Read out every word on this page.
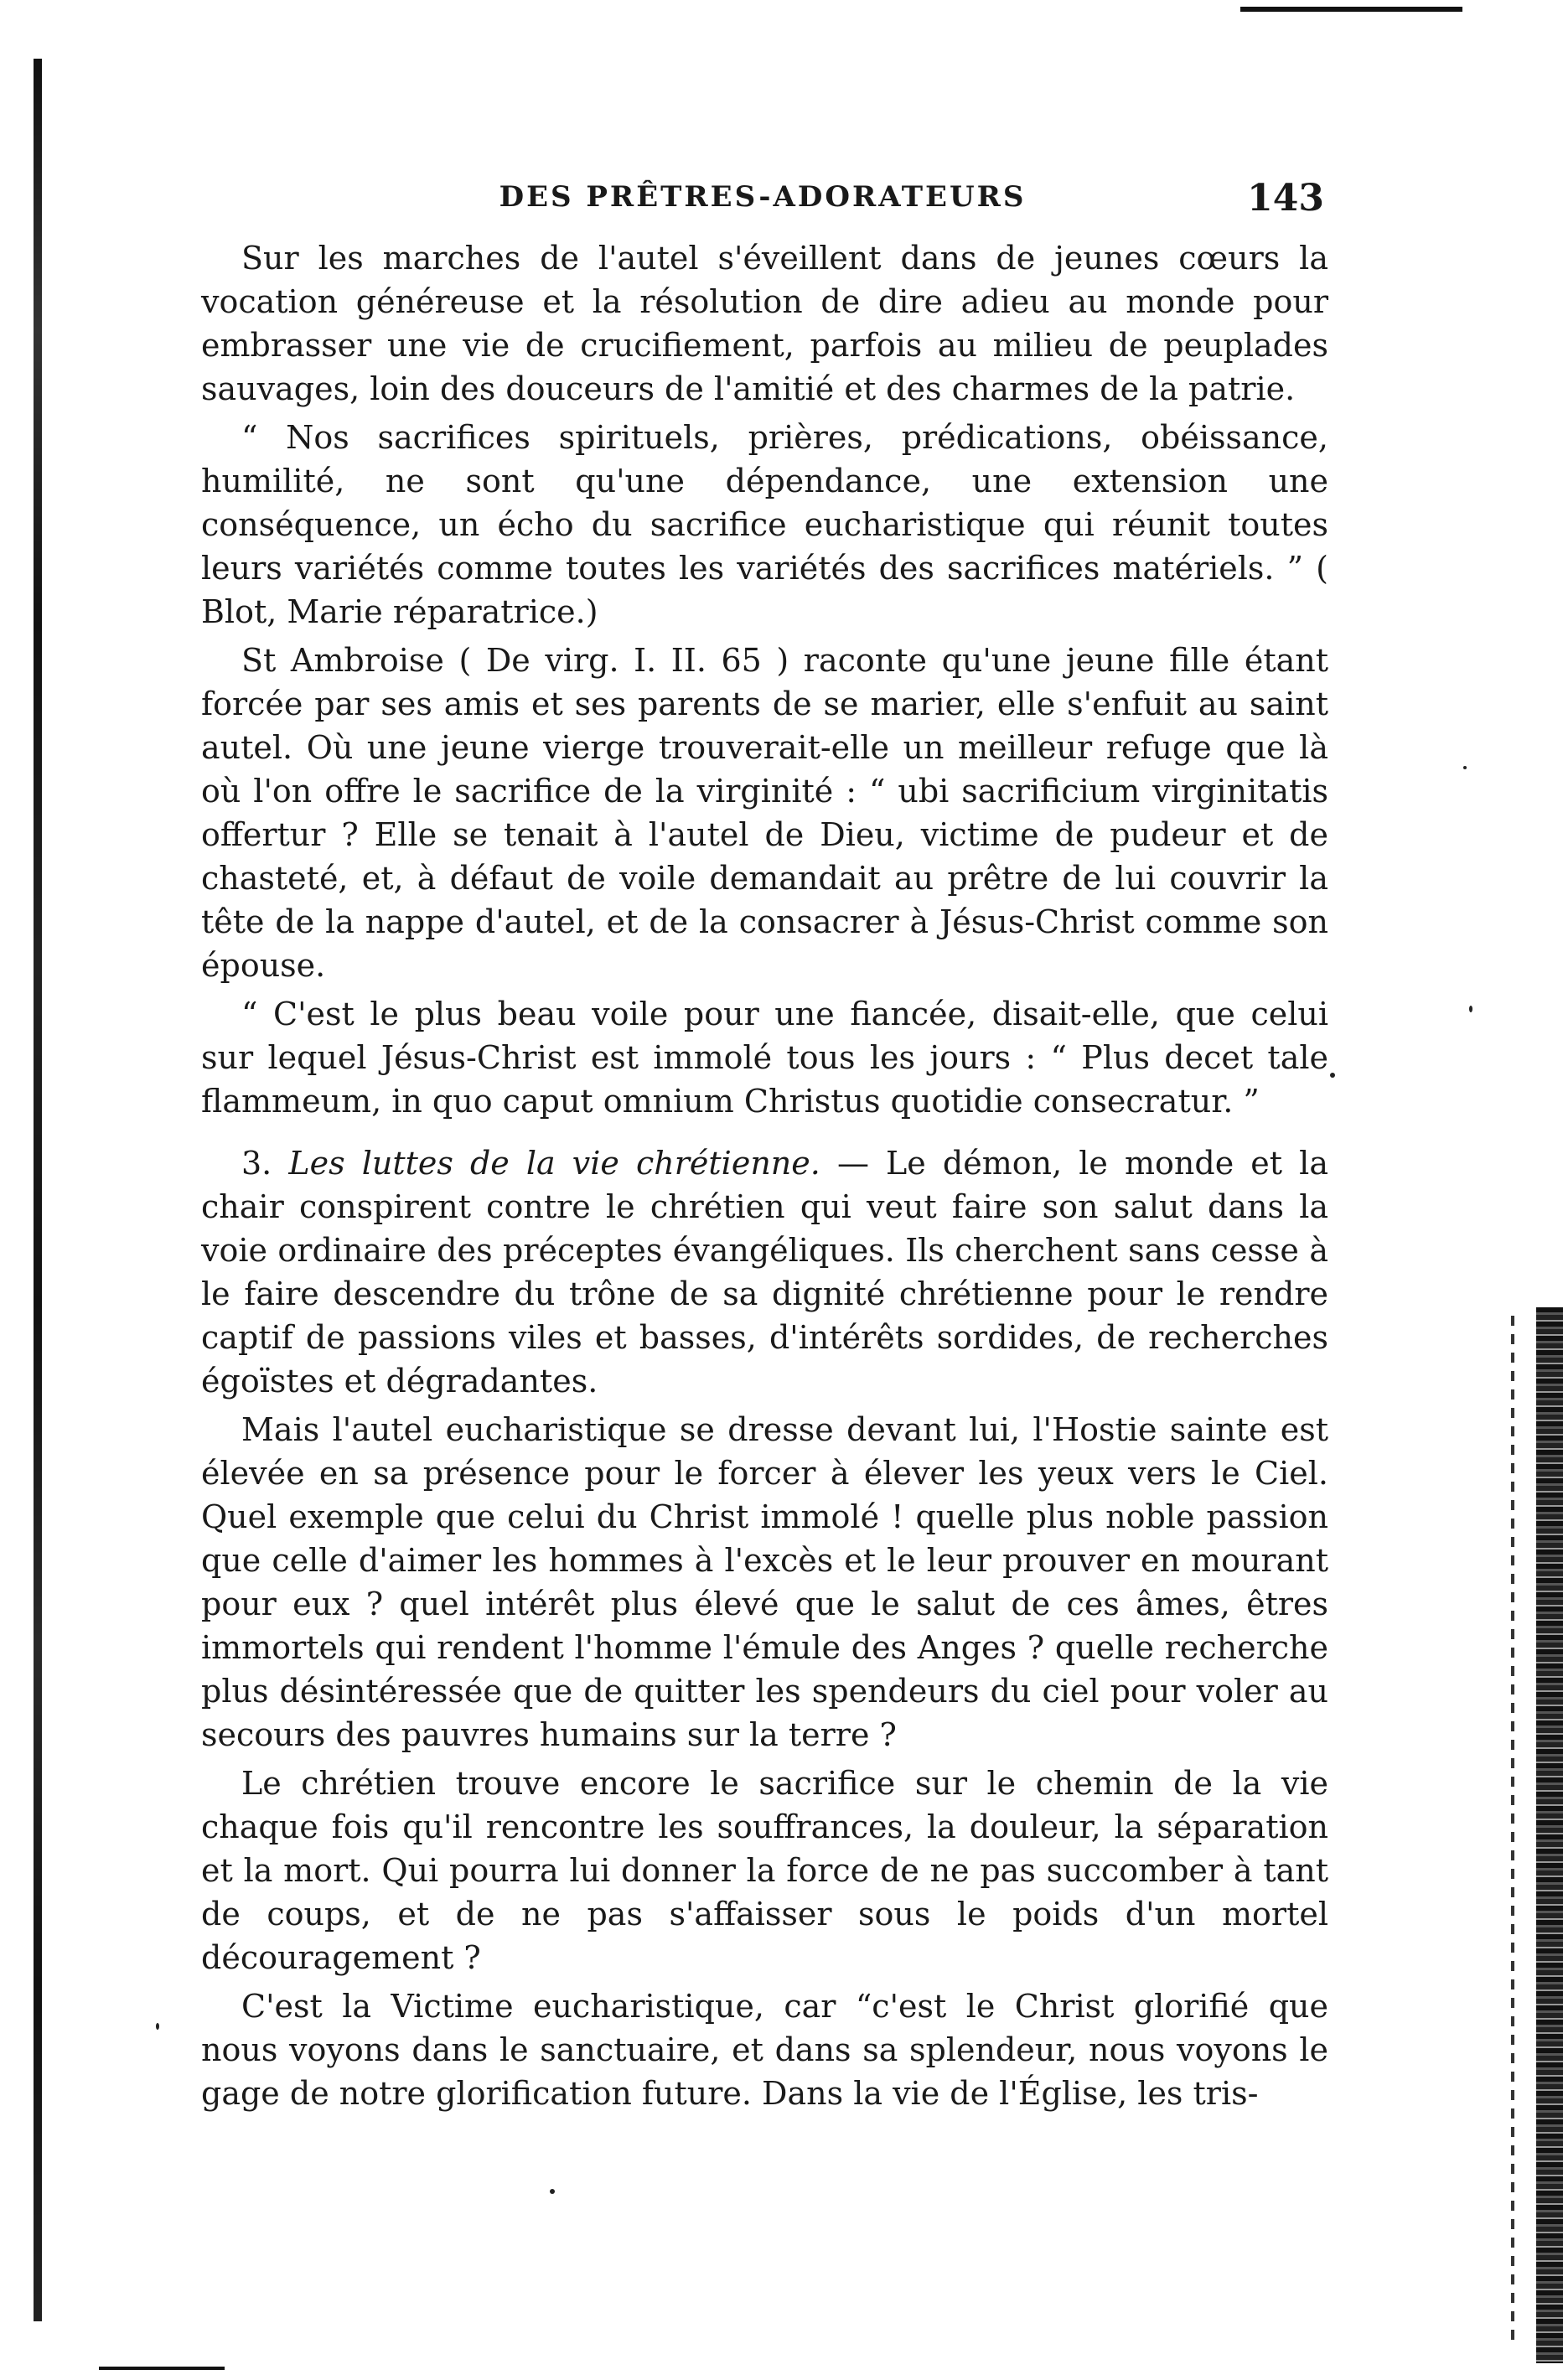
DES PRÊTRES-ADORATEURS	143

Sur les marches de l'autel s'éveillent dans de jeunes cœurs la vocation généreuse et la résolution de dire adieu au monde pour embrasser une vie de crucifiement, parfois au milieu de peuplades sauvages, loin des douceurs de l'amitié et des charmes de la patrie.

“ Nos sacrifices spirituels, prières, prédications, obéissance, humilité, ne sont qu'une dépendance, une extension une conséquence, un écho du sacrifice eucharistique qui réunit toutes leurs variétés comme toutes les variétés des sacrifices matériels. ” ( Blot, Marie réparatrice.)

St Ambroise ( De virg. I. II. 65 ) raconte qu'une jeune fille étant forcée par ses amis et ses parents de se marier, elle s'enfuit au saint autel. Où une jeune vierge trouverait-elle un meilleur refuge que là où l'on offre le sacrifice de la virginité : “ ubi sacrificium virginitatis offertur ? Elle se tenait à l'autel de Dieu, victime de pudeur et de chasteté, et, à défaut de voile demandait au prêtre de lui couvrir la tête de la nappe d'autel, et de la consacrer à Jésus-Christ comme son épouse.

“ C'est le plus beau voile pour une fiancée, disait-elle, que celui sur lequel Jésus-Christ est immolé tous les jours : “ Plus decet tale flammeum, in quo caput omnium Christus quotidie consecratur. ”

3. Les luttes de la vie chrétienne. — Le démon, le monde et la chair conspirent contre le chrétien qui veut faire son salut dans la voie ordinaire des préceptes évangéliques. Ils cherchent sans cesse à le faire descendre du trône de sa dignité chrétienne pour le rendre captif de passions viles et basses, d'intérêts sordides, de recherches égoïstes et dégradantes.

Mais l'autel eucharistique se dresse devant lui, l'Hostie sainte est élevée en sa présence pour le forcer à élever les yeux vers le Ciel. Quel exemple que celui du Christ immolé ! quelle plus noble passion que celle d'aimer les hommes à l'excès et le leur prouver en mourant pour eux ? quel intérêt plus élevé que le salut de ces âmes, êtres immortels qui rendent l'homme l'émule des Anges ? quelle recherche plus désintéressée que de quitter les spendeurs du ciel pour voler au secours des pauvres humains sur la terre ?

Le chrétien trouve encore le sacrifice sur le chemin de la vie chaque fois qu'il rencontre les souffrances, la douleur, la séparation et la mort. Qui pourra lui donner la force de ne pas succomber à tant de coups, et de ne pas s'affaisser sous le poids d'un mortel découragement ?

C'est la Victime eucharistique, car “c'est le Christ glorifié que nous voyons dans le sanctuaire, et dans sa splendeur, nous voyons le gage de notre glorification future. Dans la vie de l'Église, les tris-
